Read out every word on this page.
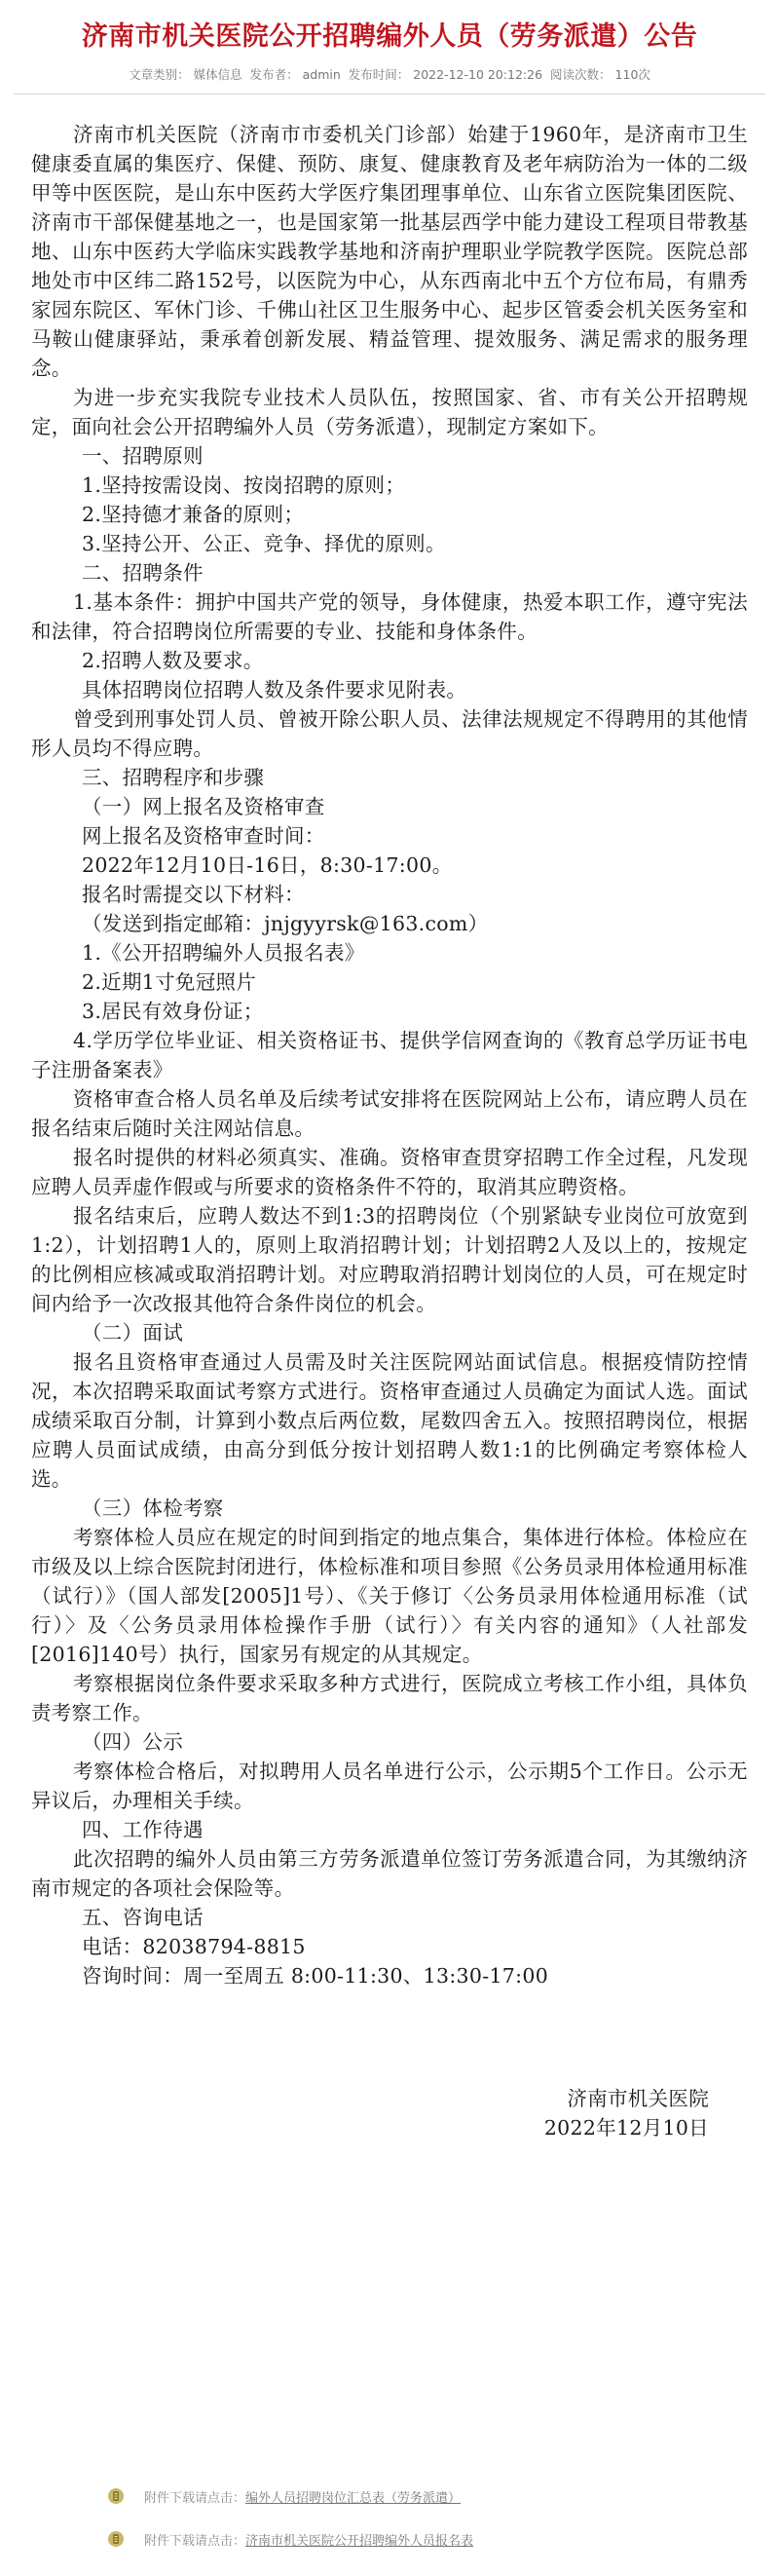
济南市机关医院公开招聘编外人员（劳务派遣）公告
文章类别： 媒体信息 发布者： admin 发布时间： 2022-12-10 20:12:26 阅读次数： 110次

济南市机关医院（济南市市委机关门诊部）始建于1960年，是济南市卫生健康委直属的集医疗、保健、预防、康复、健康教育及老年病防治为一体的二级甲等中医医院，是山东中医药大学医疗集团理事单位、山东省立医院集团医院、济南市干部保健基地之一，也是国家第一批基层西学中能力建设工程项目带教基地、山东中医药大学临床实践教学基地和济南护理职业学院教学医院。医院总部地处市中区纬二路152号，以医院为中心，从东西南北中五个方位布局，有鼎秀家园东院区、军休门诊、千佛山社区卫生服务中心、起步区管委会机关医务室和马鞍山健康驿站，秉承着创新发展、精益管理、提效服务、满足需求的服务理念。

为进一步充实我院专业技术人员队伍，按照国家、省、市有关公开招聘规定，面向社会公开招聘编外人员（劳务派遣），现制定方案如下。

一、招聘原则

1.坚持按需设岗、按岗招聘的原则；

2.坚持德才兼备的原则；

3.坚持公开、公正、竞争、择优的原则。

二、招聘条件

1.基本条件：拥护中国共产党的领导，身体健康，热爱本职工作，遵守宪法和法律，符合招聘岗位所需要的专业、技能和身体条件。

2.招聘人数及要求。

具体招聘岗位招聘人数及条件要求见附表。

曾受到刑事处罚人员、曾被开除公职人员、法律法规规定不得聘用的其他情形人员均不得应聘。

三、招聘程序和步骤

（一）网上报名及资格审查

网上报名及资格审查时间：

2022年12月10日-16日，8:30-17:00。

报名时需提交以下材料：

（发送到指定邮箱：jnjgyyrsk@163.com）

1.《公开招聘编外人员报名表》

2.近期1寸免冠照片

3.居民有效身份证；

4.学历学位毕业证、相关资格证书、提供学信网查询的《教育总学历证书电子注册备案表》

资格审查合格人员名单及后续考试安排将在医院网站上公布，请应聘人员在报名结束后随时关注网站信息。

报名时提供的材料必须真实、准确。资格审查贯穿招聘工作全过程，凡发现应聘人员弄虚作假或与所要求的资格条件不符的，取消其应聘资格。

报名结束后，应聘人数达不到1:3的招聘岗位（个别紧缺专业岗位可放宽到1:2），计划招聘1人的，原则上取消招聘计划；计划招聘2人及以上的，按规定的比例相应核减或取消招聘计划。对应聘取消招聘计划岗位的人员，可在规定时间内给予一次改报其他符合条件岗位的机会。

（二）面试

报名且资格审查通过人员需及时关注医院网站面试信息。根据疫情防控情况，本次招聘采取面试考察方式进行。资格审查通过人员确定为面试人选。面试成绩采取百分制，计算到小数点后两位数，尾数四舍五入。按照招聘岗位，根据应聘人员面试成绩，由高分到低分按计划招聘人数1:1的比例确定考察体检人选。

（三）体检考察

考察体检人员应在规定的时间到指定的地点集合，集体进行体检。体检应在市级及以上综合医院封闭进行，体检标准和项目参照《公务员录用体检通用标准（试行）》（国人部发[2005]1号）、《关于修订〈公务员录用体检通用标准（试行）〉及〈公务员录用体检操作手册（试行）〉有关内容的通知》（人社部发[2016]140号）执行，国家另有规定的从其规定。

考察根据岗位条件要求采取多种方式进行，医院成立考核工作小组，具体负责考察工作。

（四）公示

考察体检合格后，对拟聘用人员名单进行公示，公示期5个工作日。公示无异议后，办理相关手续。

四、工作待遇

此次招聘的编外人员由第三方劳务派遣单位签订劳务派遣合同，为其缴纳济南市规定的各项社会保险等。

五、咨询电话

电话：82038794-8815

咨询时间：周一至周五 8:00-11:30、13:30-17:00

济南市机关医院

2022年12月10日

附件下载请点击： 编外人员招聘岗位汇总表（劳务派遣）
附件下载请点击： 济南市机关医院公开招聘编外人员报名表
